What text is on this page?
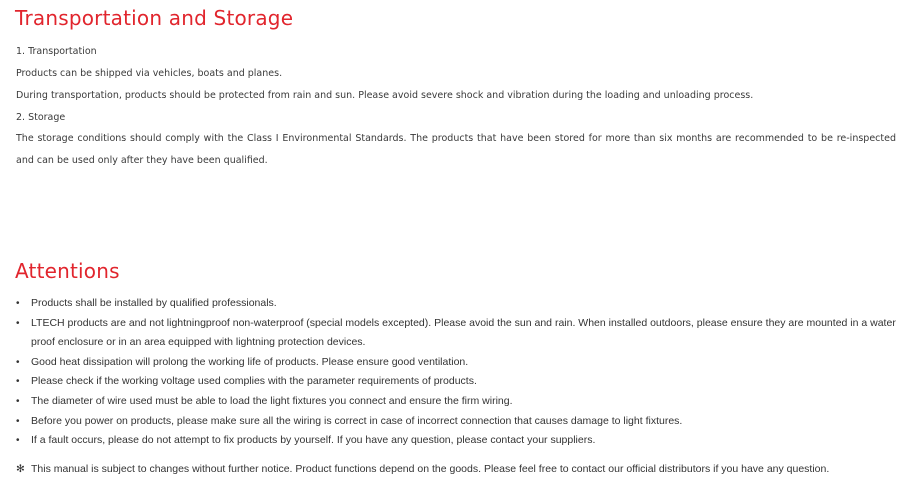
Transportation and Storage
1. Transportation
Products can be shipped via vehicles, boats and planes.
During transportation, products should be protected from rain and sun. Please avoid severe shock and vibration during the loading and unloading process.
2. Storage
The storage conditions should comply with the Class I Environmental Standards. The products that have been stored for more than six months are recommended to be re-inspected and can be used only after they have been qualified.
Attentions
•	Products shall be installed by qualified professionals.
•	LTECH products are and not lightningproof non-waterproof (special models excepted). Please avoid the sun and rain. When installed outdoors, please ensure they are mounted in a water proof enclosure or in an area equipped with lightning protection devices.
•	Good heat dissipation will prolong the working life of products. Please ensure good ventilation.
•	Please check if the working voltage used complies with the parameter requirements of products.
•	The diameter of wire used must be able to load the light fixtures you connect and ensure the firm wiring.
•	Before you power on products, please make sure all the wiring is correct in case of incorrect connection that causes damage to light fixtures.
•	If a fault occurs, please do not attempt to fix products by yourself. If you have any question, please contact your suppliers.
✻ This manual is subject to changes without further notice. Product functions depend on the goods. Please feel free to contact our official distributors if you have any question.
